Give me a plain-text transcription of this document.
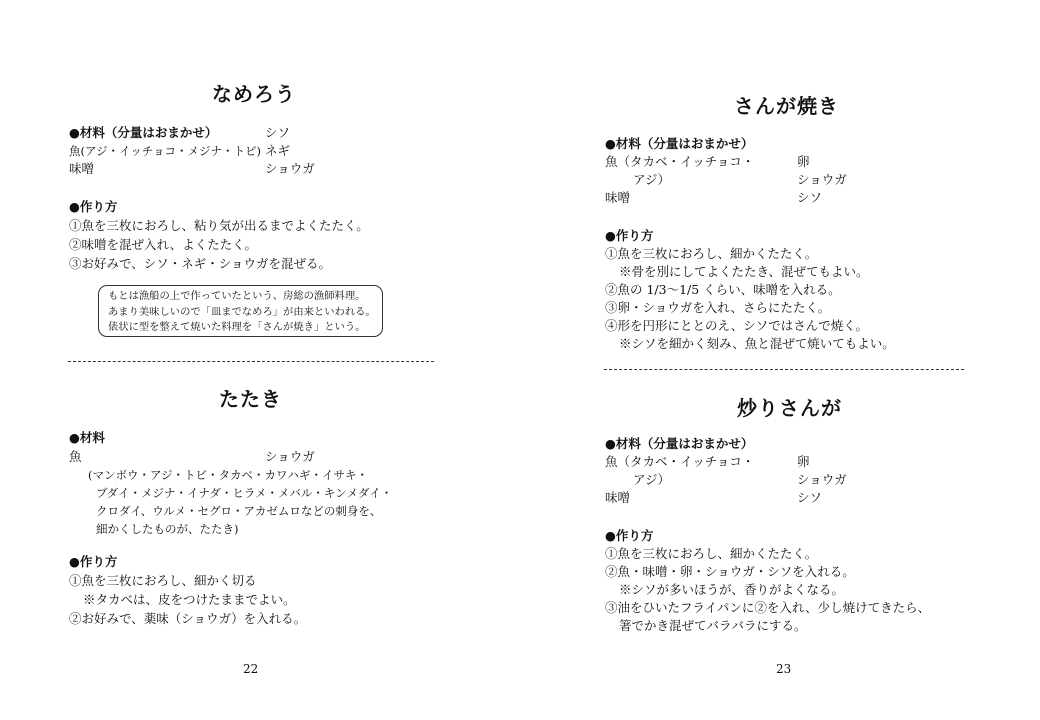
なめろう
●材料（分量はおまかせ）
魚(アジ・イッチョコ・メジナ・トビ)
味噌
シソ
ネギ
ショウガ
●作り方
①魚を三枚におろし、粘り気が出るまでよくたたく。
②味噌を混ぜ入れ、よくたたく。
③お好みで、シソ・ネギ・ショウガを混ぜる。
もとは漁船の上で作っていたという、房総の漁師料理。
あまり美味しいので「皿までなめろ」が由来といわれる。
俵状に型を整えて焼いた料理を「さんが焼き」という。
たたき
●材料
魚	ショウガ
(マンボウ・アジ・トビ・タカベ・カワハギ・イサキ・
ブダイ・メジナ・イナダ・ヒラメ・メバル・キンメダイ・
クロダイ、ウルメ・セグロ・アカゼムロなどの刺身を、
細かくしたものが、たたき)
●作り方
①魚を三枚におろし、細かく切る
※タカベは、皮をつけたままでよい。
②お好みで、薬味（ショウガ）を入れる。
22
さんが焼き
●材料（分量はおまかせ）
魚（タカベ・イッチョコ・
アジ）
味噌
卵
ショウガ
シソ
●作り方
①魚を三枚におろし、細かくたたく。
※骨を別にしてよくたたき、混ぜてもよい。
②魚の 1/3～1/5 くらい、味噌を入れる。
③卵・ショウガを入れ、さらにたたく。
④形を円形にととのえ、シソではさんで焼く。
※シソを細かく刻み、魚と混ぜて焼いてもよい。
炒りさんが
●材料（分量はおまかせ）
魚（タカベ・イッチョコ・
アジ）
味噌
卵
ショウガ
シソ
●作り方
①魚を三枚におろし、細かくたたく。
②魚・味噌・卵・ショウガ・シソを入れる。
※シソが多いほうが、香りがよくなる。
③油をひいたフライパンに②を入れ、少し焼けてきたら、
箸でかき混ぜてバラバラにする。
23
